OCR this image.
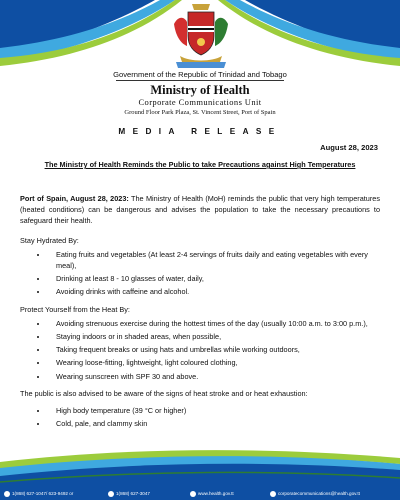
Government of the Republic of Trinidad and Tobago
Ministry of Health
Corporate Communications Unit
Ground Floor Park Plaza, St. Vincent Street, Port of Spain
MEDIA RELEASE
August 28, 2023
The Ministry of Health Reminds the Public to take Precautions against High Temperatures

Port of Spain, August 28, 2023: The Ministry of Health (MoH) reminds the public that very high temperatures (heated conditions) can be dangerous and advises the population to take the necessary precautions to safeguard their health.

Stay Hydrated By:

• Eating fruits and vegetables (At least 2-4 servings of fruits daily and eating vegetables with every meal),
• Drinking at least 8 - 10 glasses of water, daily,
• Avoiding drinks with caffeine and alcohol.

Protect Yourself from the Heat By:

• Avoiding strenuous exercise during the hottest times of the day (usually 10:00 a.m. to 3:00 p.m.),
• Staying indoors or in shaded areas, when possible,
• Taking frequent breaks or using hats and umbrellas while working outdoors,
• Wearing loose-fitting, lightweight, light coloured clothing,
• Wearing sunscreen with SPF 30 and above.

The public is also advised to be aware of the signs of heat stroke and or heat exhaustion:

• High body temperature (39 °C or higher)
• Cold, pale, and clammy skin
1(868) 627-1047/ 623-9492 or	1(868) 627-3047	www.health.gov.tt	corporatecommunications@health.gov.tt
